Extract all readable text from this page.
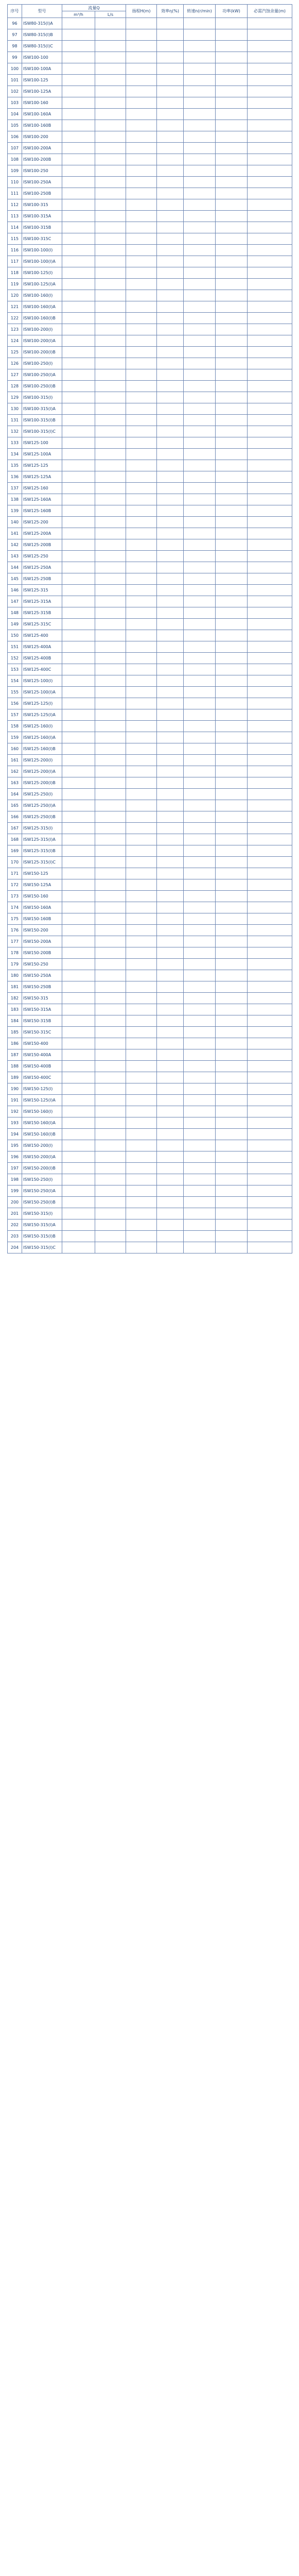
序号	型号	流量Q		扬程H(m)	效率η(%)	转速n(r/min)	功率(kW)	必需汽蚀余量(m)
		m³/h	L/s					
96	ISW80-315(I)A							
97	ISW80-315(I)B							
98	ISW80-315(I)C							
99	ISW100-100							
100	ISW100-100A							
101	ISW100-125							
102	ISW100-125A							
103	ISW100-160							
104	ISW100-160A							
105	ISW100-160B							
106	ISW100-200							
107	ISW100-200A							
108	ISW100-200B							
109	ISW100-250							
110	ISW100-250A							
111	ISW100-250B							
112	ISW100-315							
113	ISW100-315A							
114	ISW100-315B							
115	ISW100-315C							
116	ISW100-100(I)							
117	ISW100-100(I)A							
118	ISW100-125(I)							
119	ISW100-125(I)A							
120	ISW100-160(I)							
121	ISW100-160(I)A							
122	ISW100-160(I)B							
123	ISW100-200(I)							
124	ISW100-200(I)A							
125	ISW100-200(I)B							
126	ISW100-250(I)							
127	ISW100-250(I)A							
128	ISW100-250(I)B							
129	ISW100-315(I)							
130	ISW100-315(I)A							
131	ISW100-315(I)B							
132	ISW100-315(I)C							
133	ISW125-100							
134	ISW125-100A							
135	ISW125-125							
136	ISW125-125A							
137	ISW125-160							
138	ISW125-160A							
139	ISW125-160B							
140	ISW125-200							
141	ISW125-200A							
142	ISW125-200B							
143	ISW125-250							
144	ISW125-250A							
145	ISW125-250B							
146	ISW125-315							
147	ISW125-315A							
148	ISW125-315B							
149	ISW125-315C							
150	ISW125-400							
151	ISW125-400A							
152	ISW125-400B							
153	ISW125-400C							
154	ISW125-100(I)							
155	ISW125-100(I)A							
156	ISW125-125(I)							
157	ISW125-125(I)A							
158	ISW125-160(I)							
159	ISW125-160(I)A							
160	ISW125-160(I)B							
161	ISW125-200(I)							
162	ISW125-200(I)A							
163	ISW125-200(I)B							
164	ISW125-250(I)							
165	ISW125-250(I)A							
166	ISW125-250(I)B							
167	ISW125-315(I)							
168	ISW125-315(I)A							
169	ISW125-315(I)B							
170	ISW125-315(I)C							
171	ISW150-125							
172	ISW150-125A							
173	ISW150-160							
174	ISW150-160A							
175	ISW150-160B							
176	ISW150-200							
177	ISW150-200A							
178	ISW150-200B							
179	ISW150-250							
180	ISW150-250A							
181	ISW150-250B							
182	ISW150-315							
183	ISW150-315A							
184	ISW150-315B							
185	ISW150-315C							
186	ISW150-400							
187	ISW150-400A							
188	ISW150-400B							
189	ISW150-400C							
190	ISW150-125(I)							
191	ISW150-125(I)A							
192	ISW150-160(I)							
193	ISW150-160(I)A							
194	ISW150-160(I)B							
195	ISW150-200(I)							
196	ISW150-200(I)A							
197	ISW150-200(I)B							
198	ISW150-250(I)							
199	ISW150-250(I)A							
200	ISW150-250(I)B							
201	ISW150-315(I)							
202	ISW150-315(I)A							
203	ISW150-315(I)B							
204	ISW150-315(I)C							
